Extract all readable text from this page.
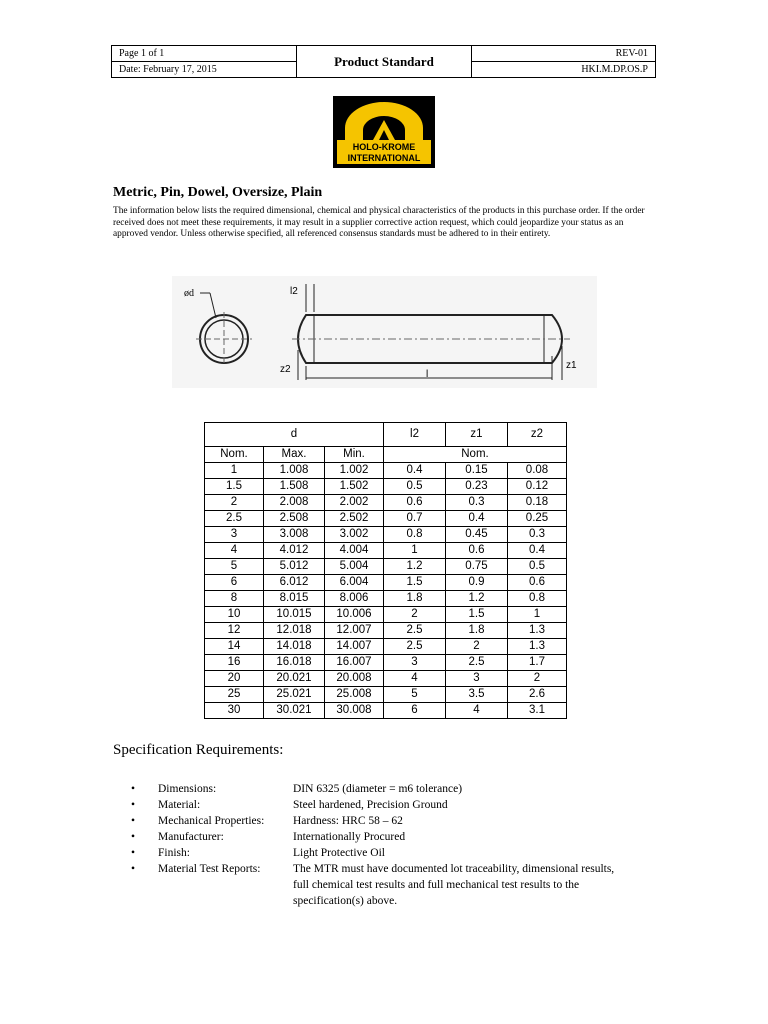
Page 1 of 1
Date: February 17, 2015
Product Standard
REV-01
HKI.M.DP.OS.P
HOLO-KROME
INTERNATIONAL
Metric, Pin, Dowel, Oversize, Plain
The information below lists the required dimensional, chemical and physical characteristics of the products in this purchase order. If the order received does not meet these requirements, it may result in a supplier corrective action request, which could jeopardize your status as an approved vendor. Unless otherwise specified, all referenced consensus standards must be adhered to in their entirety.
ød	l2
z2	z1
l
d			l2	z1	z2
Nom.	Max.	Min.	Nom.		
1	1.008	1.002	0.4	0.15	0.08
1.5	1.508	1.502	0.5	0.23	0.12
2	2.008	2.002	0.6	0.3	0.18
2.5	2.508	2.502	0.7	0.4	0.25
3	3.008	3.002	0.8	0.45	0.3
4	4.012	4.004	1	0.6	0.4
5	5.012	5.004	1.2	0.75	0.5
6	6.012	6.004	1.5	0.9	0.6
8	8.015	8.006	1.8	1.2	0.8
10	10.015	10.006	2	1.5	1
12	12.018	12.007	2.5	1.8	1.3
14	14.018	14.007	2.5	2	1.3
16	16.018	16.007	3	2.5	1.7
20	20.021	20.008	4	3	2
25	25.021	25.008	5	3.5	2.6
30	30.021	30.008	6	4	3.1
Specification Requirements:
•	Dimensions:	DIN 6325 (diameter = m6 tolerance)
•	Material:	Steel hardened, Precision Ground
•	Mechanical Properties:	Hardness: HRC 58 – 62
•	Manufacturer:	Internationally Procured
•	Finish:	Light Protective Oil
•	Material Test Reports:	The MTR must have documented lot traceability, dimensional results, full chemical test results and full mechanical test results to the specification(s) above.
